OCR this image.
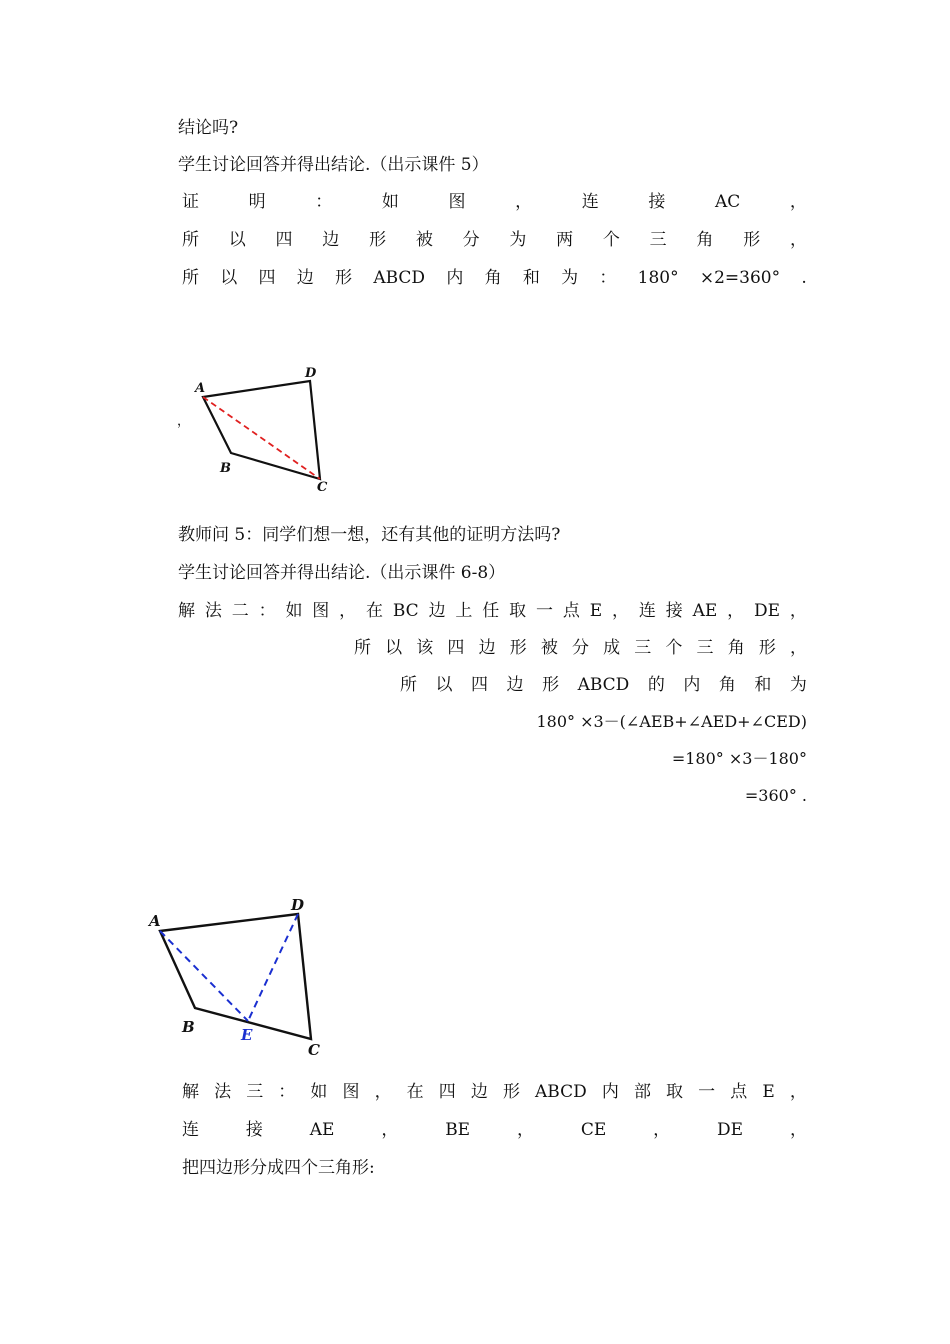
结论吗?
学生讨论回答并得出结论.（出示课件 5）
证	明	：	如	图	，	连	接	AC	，
所 以 四 边 形 被 分 为 两 个 三 角 形 ，
所 以 四 边 形 ABCD 内 角 和 为 ： 180° ×2=360° .
A
D
B
C
，
教师问 5：同学们想一想，还有其他的证明方法吗?
学生讨论回答并得出结论.（出示课件 6-8）
解 法 二 ： 如 图 ， 在 BC 边 上 任 取 一 点 E ， 连 接 AE ， DE ，
所 以 该 四 边 形 被 分 成 三 个 三 角 形 ，
所 以 四 边 形 ABCD 的 内 角 和 为
180° ×3－(∠AEB+∠AED+∠CED)
=180° ×3－180°
=360° .
A
D
B	E
C
解 法 三 ： 如 图 ， 在 四 边 形 ABCD 内 部 取 一 点 E ，
连	接	AE	，	BE	，	CE	，	DE	，
把四边形分成四个三角形:
